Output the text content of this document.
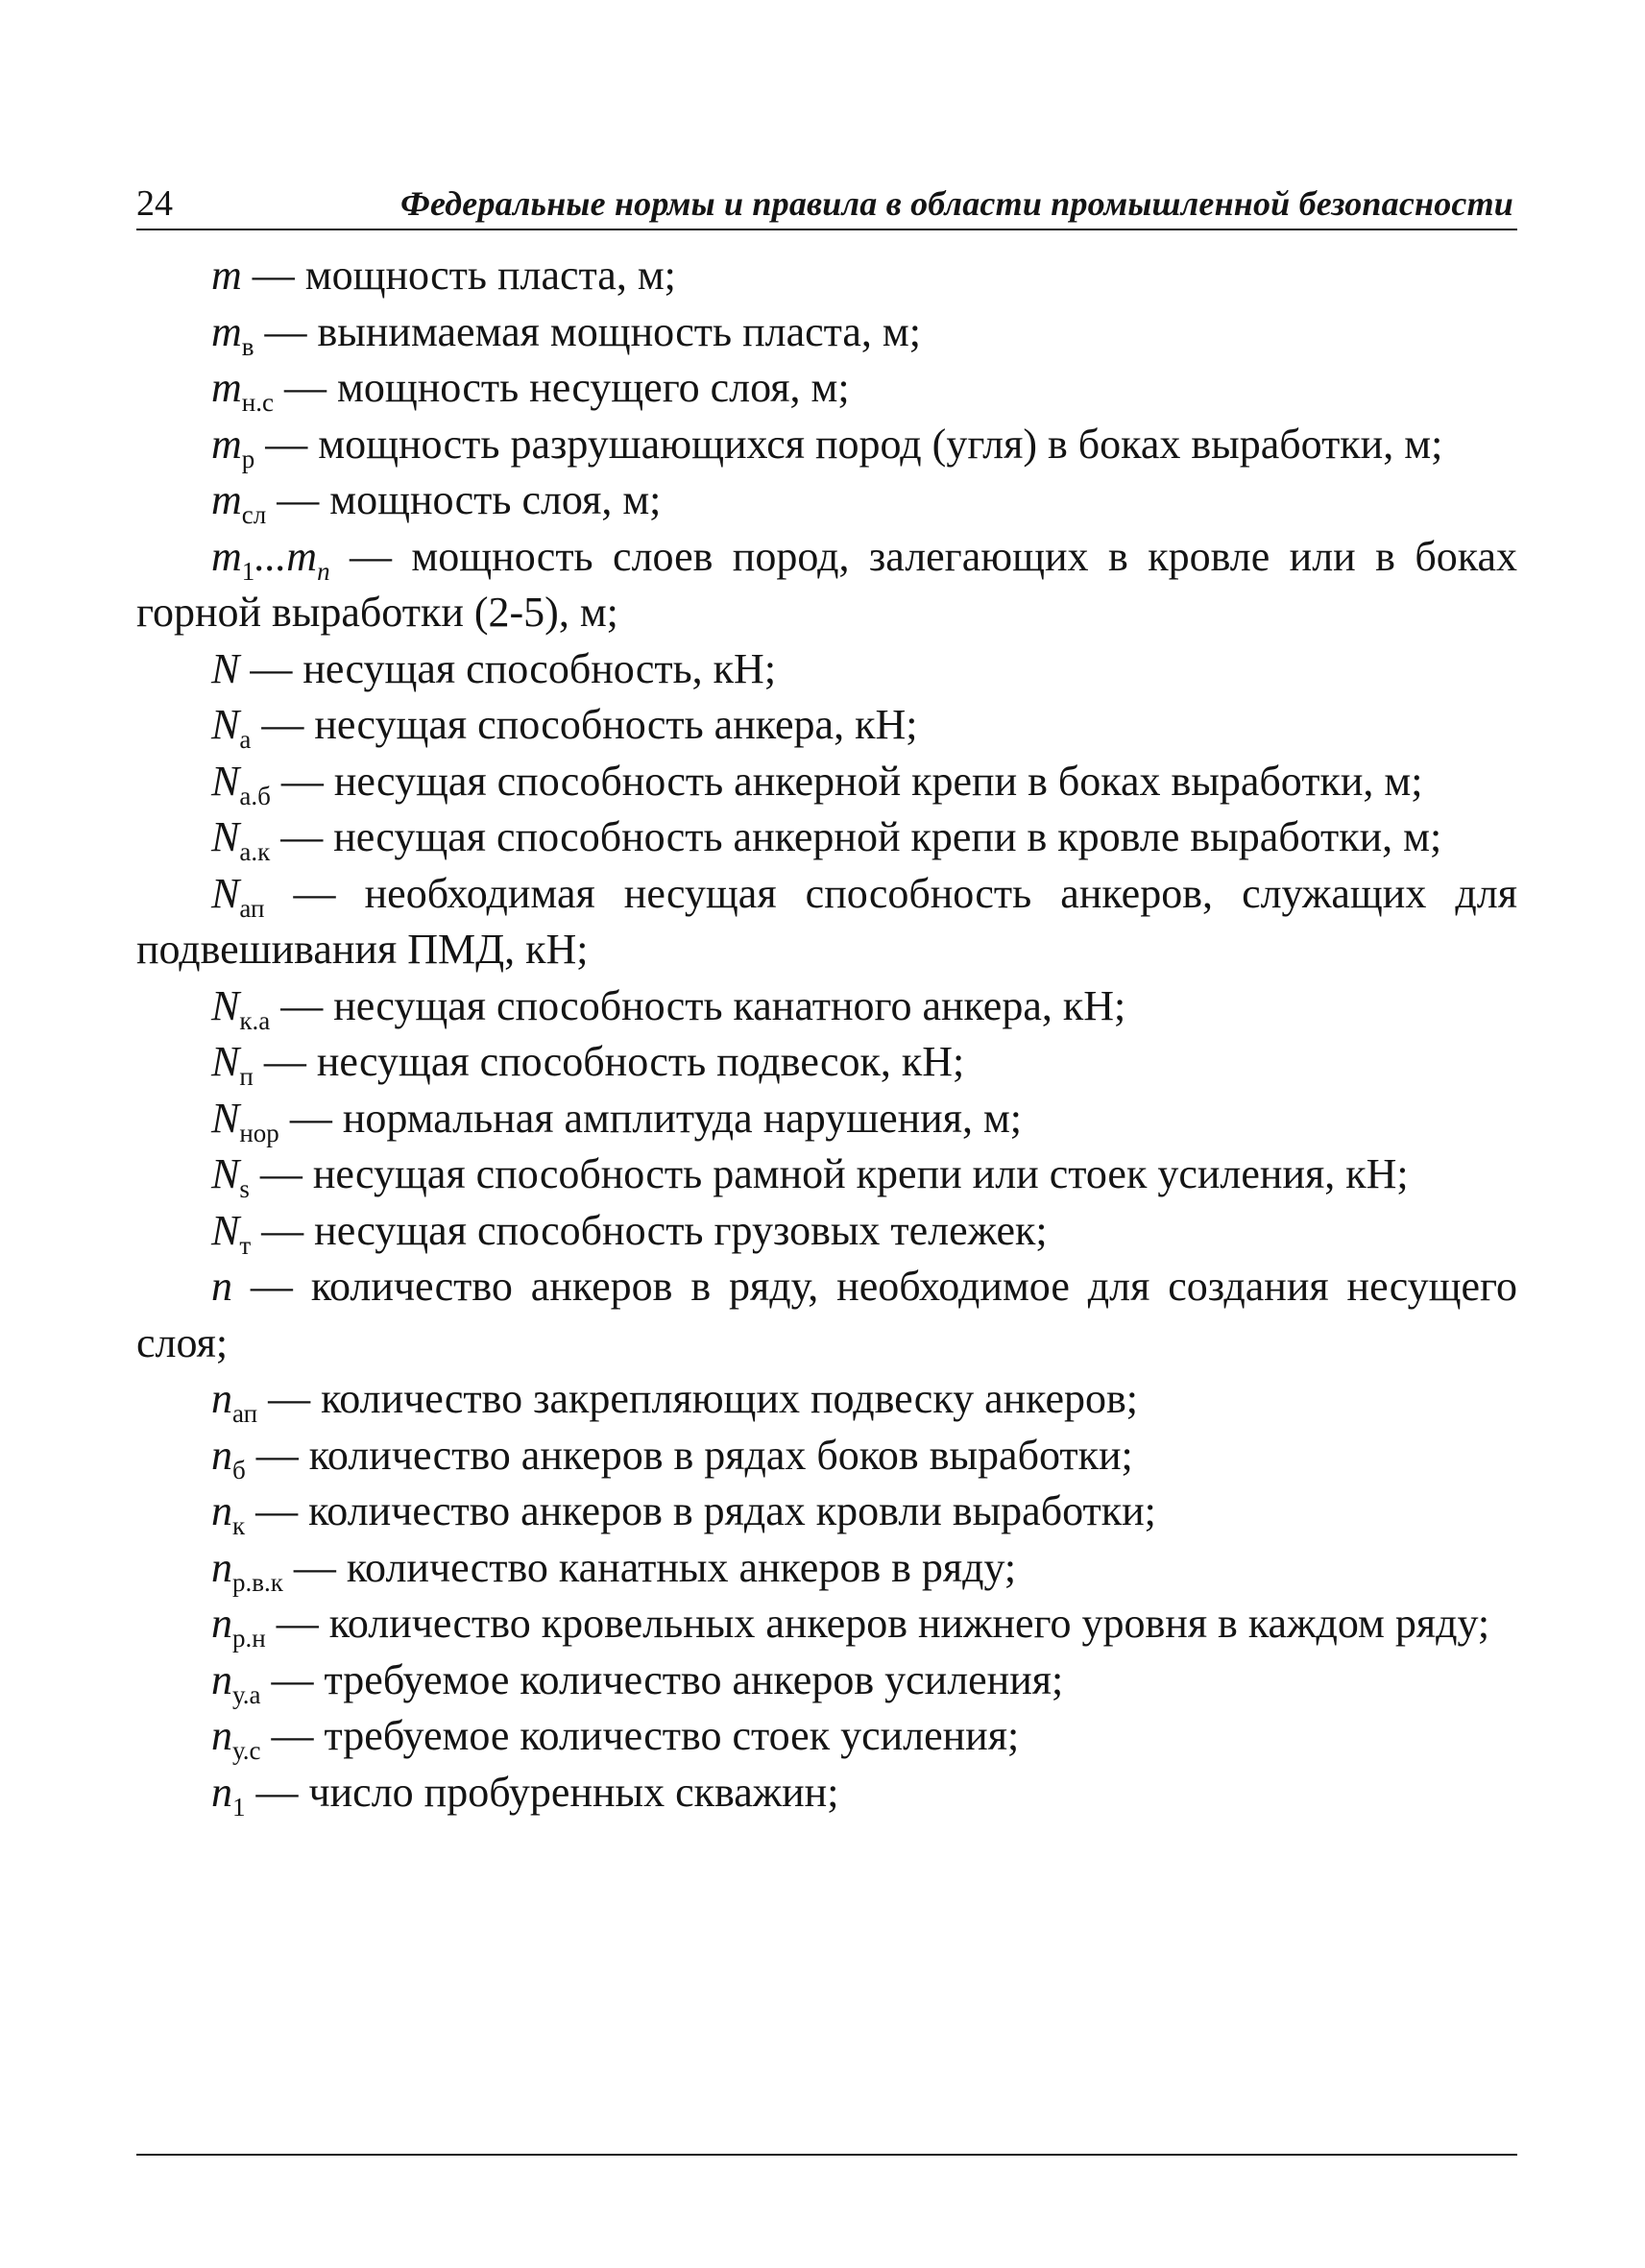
24	Федеральные нормы и правила в области промышленной безопасности

m — мощность пласта, м;

$m_в$ — вынимаемая мощность пласта, м;

$m_{н.с}$ — мощность несущего слоя, м;

$m_р$ — мощность разрушающихся пород (угля) в боках выработки, м;

$m_{сл}$ — мощность слоя, м;

$m_1...m_n$ — мощность слоев пород, залегающих в кровле или в боках горной выработки (2-5), м;

N — несущая способность, кН;

$N_а$ — несущая способность анкера, кН;

$N_{а.б}$ — несущая способность анкерной крепи в боках выработки, м;

$N_{а.к}$ — несущая способность анкерной крепи в кровле выработки, м;

$N_{ап}$ — необходимая несущая способность анкеров, служащих для подвешивания ПМД, кН;

$N_{к.а}$ — несущая способность канатного анкера, кН;

$N_п$ — несущая способность подвесок, кН;

$N_{нор}$ — нормальная амплитуда нарушения, м;

$N_s$ — несущая способность рамной крепи или стоек усиления, кН;

$N_т$ — несущая способность грузовых тележек;

n — количество анкеров в ряду, необходимое для создания несущего слоя;

$n_{ап}$ — количество закрепляющих подвеску анкеров;

$n_б$ — количество анкеров в рядах боков выработки;

$n_к$ — количество анкеров в рядах кровли выработки;

$n_{р.в.к}$ — количество канатных анкеров в ряду;

$n_{р.н}$ — количество кровельных анкеров нижнего уровня в каждом ряду;

$n_{у.а}$ — требуемое количество анкеров усиления;

$n_{у.с}$ — требуемое количество стоек усиления;

$n_1$ — число пробуренных скважин;
